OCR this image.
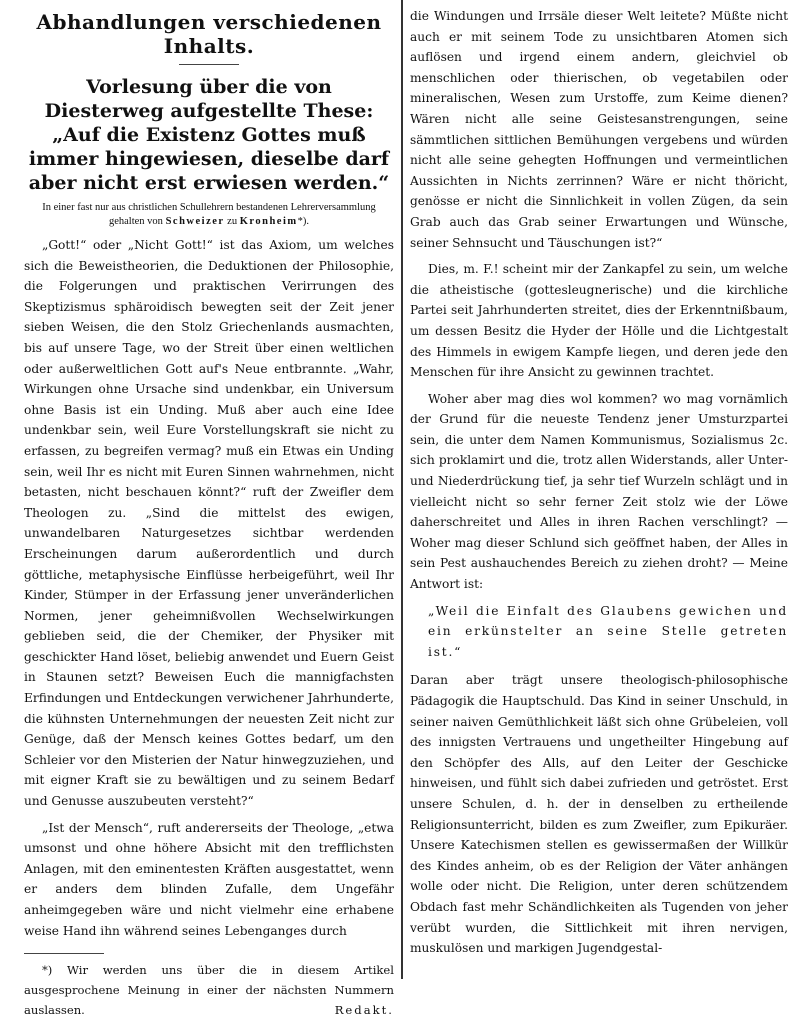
Abhandlungen verschiedenen Inhalts.
Vorlesung über die von Diesterweg aufgestellte These: „Auf die Existenz Gottes muß immer hingewiesen, dieselbe darf aber nicht erst erwiesen werden.“
In einer fast nur aus christlichen Schullehrern bestandenen Lehrerversammlung gehalten von Schweizer zu Kronheim*).

„Gott!“ oder „Nicht Gott!“ ist das Axiom, um welches sich die Beweistheorien, die Deduktionen der Philosophie, die Folgerungen und praktischen Verirrungen des Skeptizismus sphäroidisch bewegten seit der Zeit jener sieben Weisen, die den Stolz Griechenlands ausmachten, bis auf unsere Tage, wo der Streit über einen weltlichen oder außerweltlichen Gott auf's Neue entbrannte. „Wahr, Wirkungen ohne Ursache sind undenkbar, ein Universum ohne Basis ist ein Unding. Muß aber auch eine Idee undenkbar sein, weil Eure Vorstellungskraft sie nicht zu erfassen, zu begreifen vermag? muß ein Etwas ein Unding sein, weil Ihr es nicht mit Euren Sinnen wahrnehmen, nicht betasten, nicht beschauen könnt?“ ruft der Zweifler dem Theologen zu. „Sind die mittelst des ewigen, unwandelbaren Naturgesetzes sichtbar werdenden Erscheinungen darum außerordentlich und durch göttliche, metaphysische Einflüsse herbeigeführt, weil Ihr Kinder, Stümper in der Erfassung jener unveränderlichen Normen, jener geheimnißvollen Wechselwirkungen geblieben seid, die der Chemiker, der Physiker mit geschickter Hand löset, beliebig anwendet und Euern Geist in Staunen setzt? Beweisen Euch die mannigfachsten Erfindungen und Entdeckungen verwichener Jahrhunderte, die kühnsten Unternehmungen der neuesten Zeit nicht zur Genüge, daß der Mensch keines Gottes bedarf, um den Schleier vor den Misterien der Natur hinwegzuziehen, und mit eigner Kraft sie zu bewältigen und zu seinem Bedarf und Genusse auszubeuten versteht?“

„Ist der Mensch“, ruft andererseits der Theologe, „etwa umsonst und ohne höhere Absicht mit den trefflichsten Anlagen, mit den eminentesten Kräften ausgestattet, wenn er anders dem blinden Zufalle, dem Ungefähr anheimgegeben wäre und nicht vielmehr eine erhabene weise Hand ihn während seines Lebenganges durch

*) Wir werden uns über die in diesem Artikel ausgesprochene Meinung in einer der nächsten Nummern auslassen.	Redakt.

die Windungen und Irrsäle dieser Welt leitete? Müßte nicht auch er mit seinem Tode zu unsichtbaren Atomen sich auflösen und irgend einem andern, gleichviel ob menschlichen oder thierischen, ob vegetabilen oder mineralischen, Wesen zum Urstoffe, zum Keime dienen? Wären nicht alle seine Geistesanstrengungen, seine sämmtlichen sittlichen Bemühungen vergebens und würden nicht alle seine gehegten Hoffnungen und vermeintlichen Aussichten in Nichts zerrinnen? Wäre er nicht thöricht, genösse er nicht die Sinnlichkeit in vollen Zügen, da sein Grab auch das Grab seiner Erwartungen und Wünsche, seiner Sehnsucht und Täuschungen ist?“

Dies, m. F.! scheint mir der Zankapfel zu sein, um welche die atheistische (gottesleugnerische) und die kirchliche Partei seit Jahrhunderten streitet, dies der Erkenntnißbaum, um dessen Besitz die Hyder der Hölle und die Lichtgestalt des Himmels in ewigem Kampfe liegen, und deren jede den Menschen für ihre Ansicht zu gewinnen trachtet.

Woher aber mag dies wol kommen? wo mag vornämlich der Grund für die neueste Tendenz jener Umsturzpartei sein, die unter dem Namen Kommunismus, Sozialismus 2c. sich proklamirt und die, trotz allen Widerstands, aller Unter- und Niederdrückung tief, ja sehr tief Wurzeln schlägt und in vielleicht nicht so sehr ferner Zeit stolz wie der Löwe daherschreitet und Alles in ihren Rachen verschlingt? — Woher mag dieser Schlund sich geöffnet haben, der Alles in sein Pest aushauchendes Bereich zu ziehen droht? — Meine Antwort ist:

„Weil die Einfalt des Glaubens gewichen und ein erkünstelter an seine Stelle getreten ist.“

Daran aber trägt unsere theologisch-philosophische Pädagogik die Hauptschuld. Das Kind in seiner Unschuld, in seiner naiven Gemüthlichkeit läßt sich ohne Grübeleien, voll des innigsten Vertrauens und ungetheilter Hingebung auf den Schöpfer des Alls, auf den Leiter der Geschicke hinweisen, und fühlt sich dabei zufrieden und getröstet. Erst unsere Schulen, d. h. der in denselben zu ertheilende Religionsunterricht, bilden es zum Zweifler, zum Epikuräer. Unsere Katechismen stellen es gewissermaßen der Willkür des Kindes anheim, ob es der Religion der Väter anhängen wolle oder nicht. Die Religion, unter deren schützendem Obdach fast mehr Schändlichkeiten als Tugenden von jeher verübt wurden, die Sittlichkeit mit ihren nervigen, muskulösen und markigen Jugendgestal-
